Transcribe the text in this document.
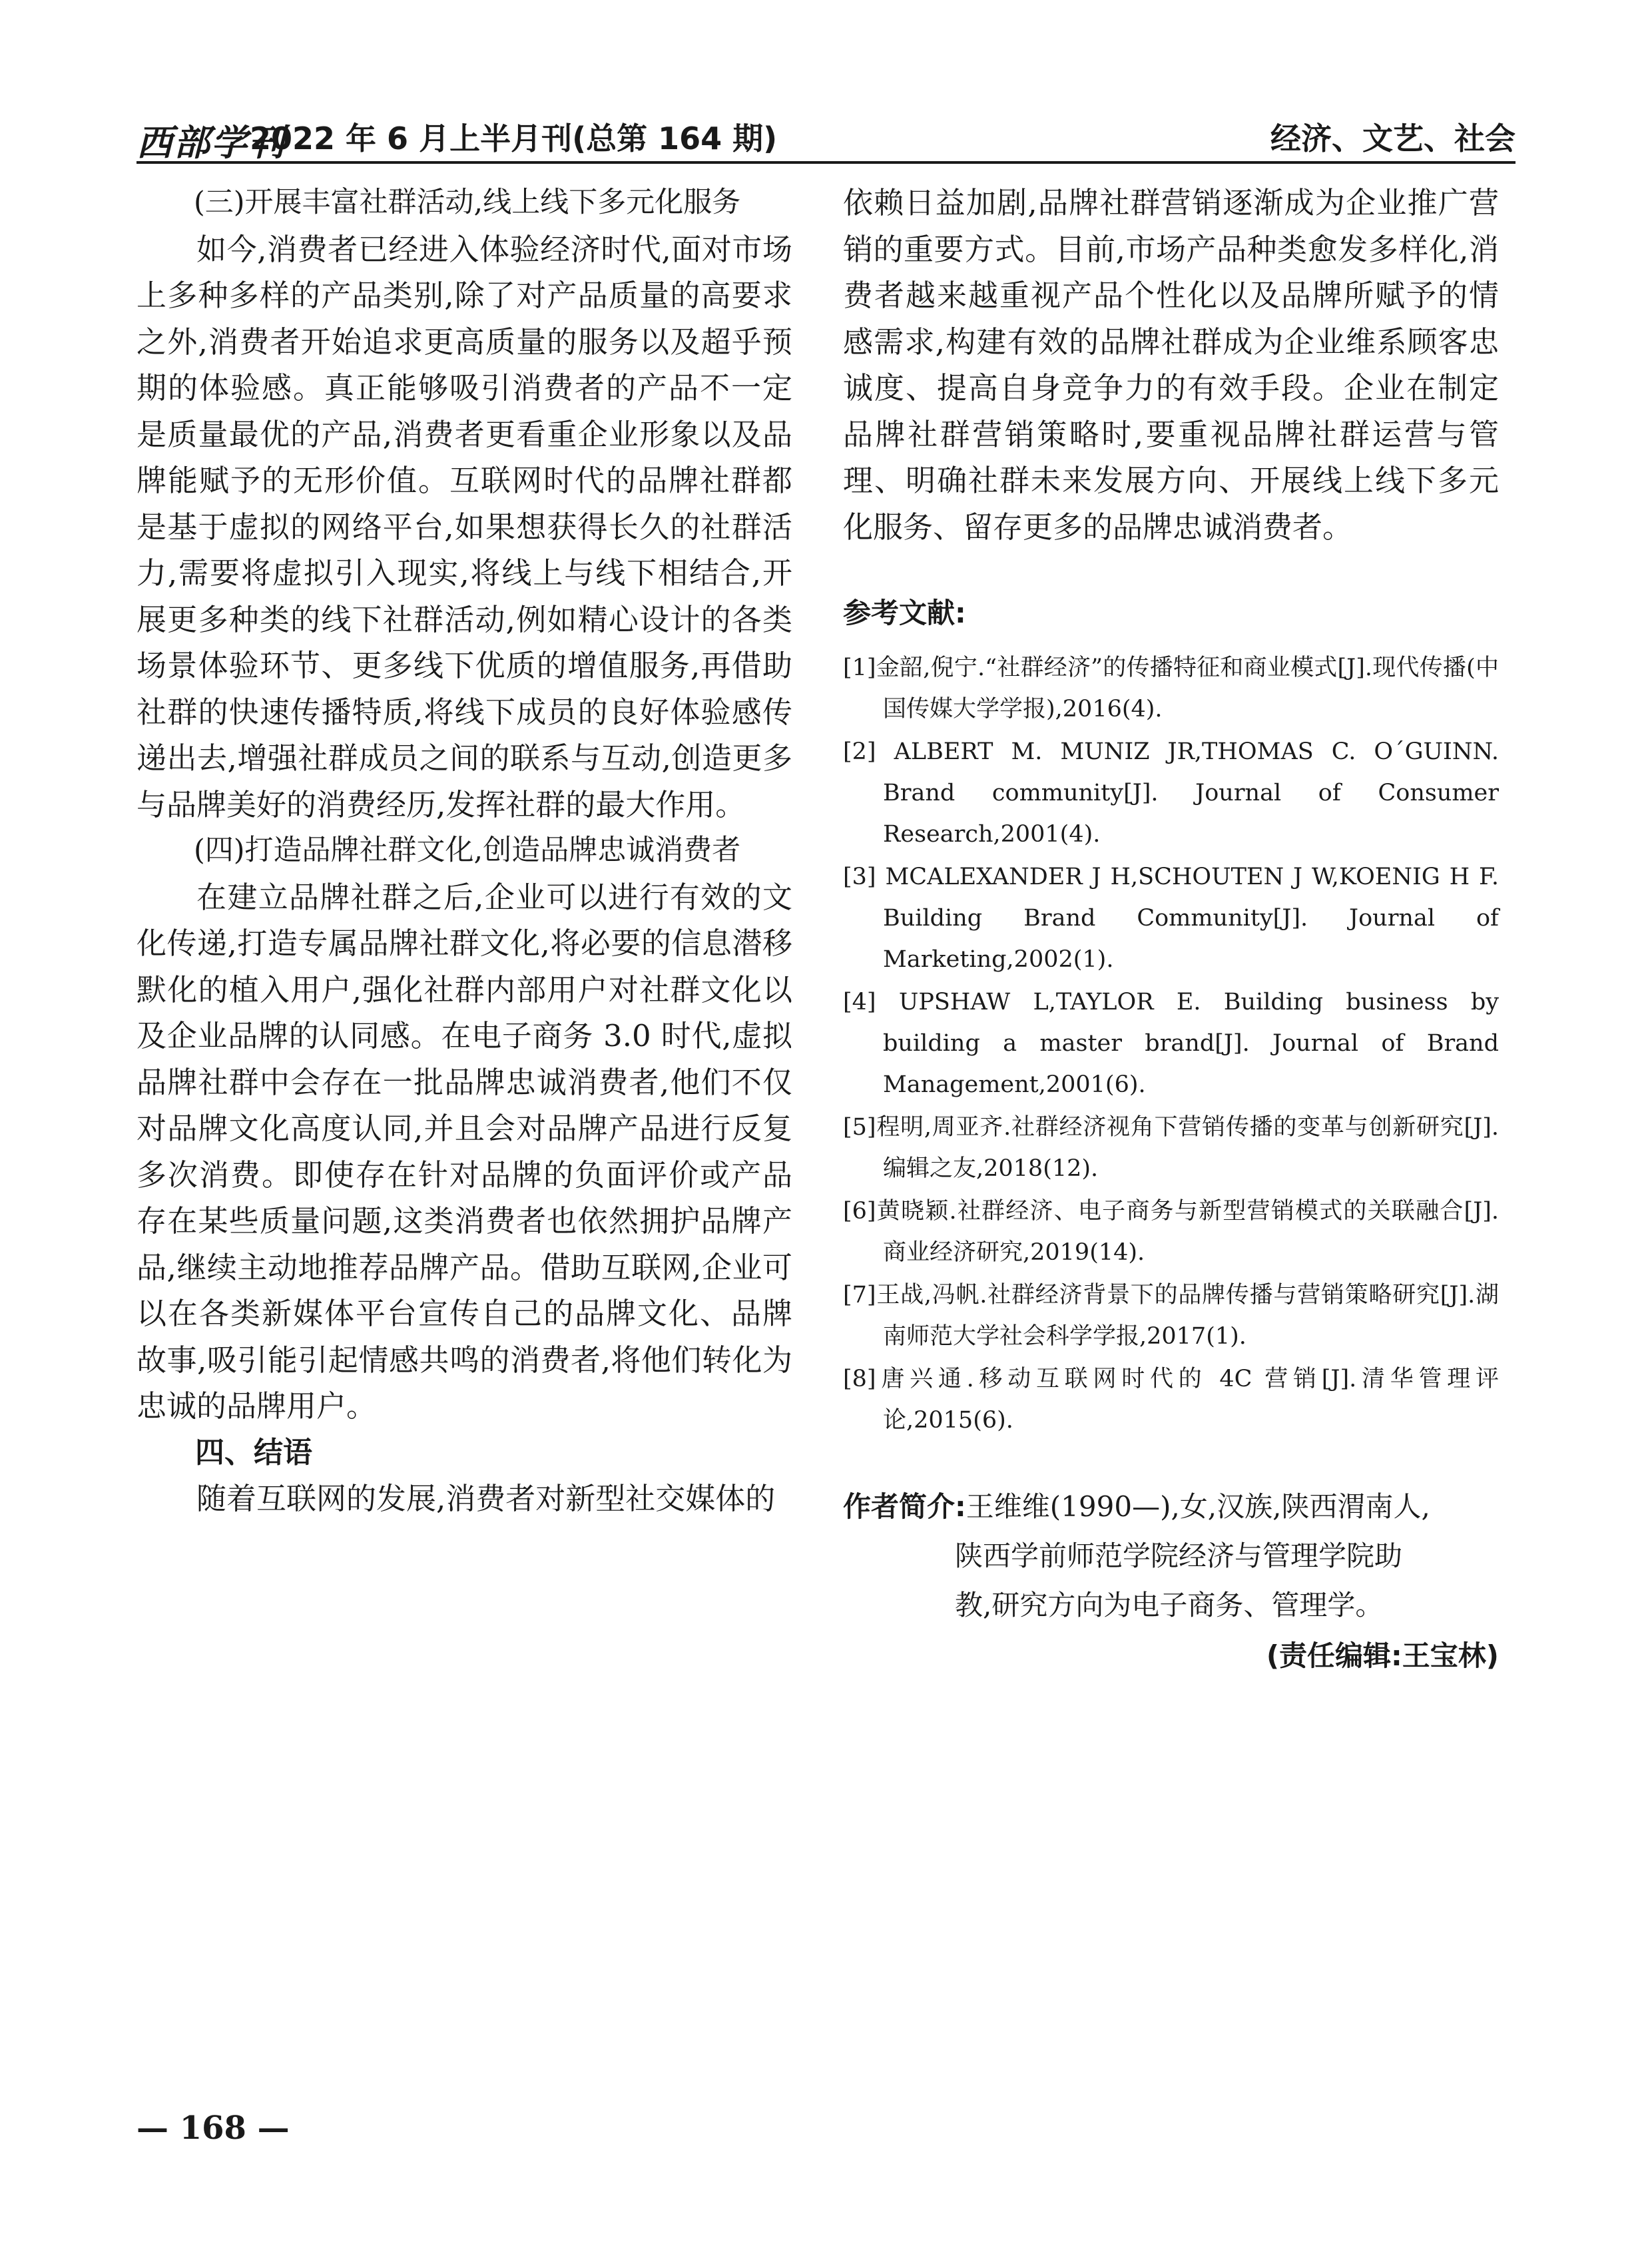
西部学刊
2022 年 6 月上半月刊(总第 164 期)	经济、文艺、社会

(三)开展丰富社群活动,线上线下多元化服务

如今,消费者已经进入体验经济时代,面对市场上多种多样的产品类别,除了对产品质量的高要求之外,消费者开始追求更高质量的服务以及超乎预期的体验感。真正能够吸引消费者的产品不一定是质量最优的产品,消费者更看重企业形象以及品牌能赋予的无形价值。互联网时代的品牌社群都是基于虚拟的网络平台,如果想获得长久的社群活力,需要将虚拟引入现实,将线上与线下相结合,开展更多种类的线下社群活动,例如精心设计的各类场景体验环节、更多线下优质的增值服务,再借助社群的快速传播特质,将线下成员的良好体验感传递出去,增强社群成员之间的联系与互动,创造更多与品牌美好的消费经历,发挥社群的最大作用。

(四)打造品牌社群文化,创造品牌忠诚消费者

在建立品牌社群之后,企业可以进行有效的文化传递,打造专属品牌社群文化,将必要的信息潜移默化的植入用户,强化社群内部用户对社群文化以及企业品牌的认同感。在电子商务 3.0 时代,虚拟品牌社群中会存在一批品牌忠诚消费者,他们不仅对品牌文化高度认同,并且会对品牌产品进行反复多次消费。即使存在针对品牌的负面评价或产品存在某些质量问题,这类消费者也依然拥护品牌产品,继续主动地推荐品牌产品。借助互联网,企业可以在各类新媒体平台宣传自己的品牌文化、品牌故事,吸引能引起情感共鸣的消费者,将他们转化为忠诚的品牌用户。

四、结语

随着互联网的发展,消费者对新型社交媒体的

依赖日益加剧,品牌社群营销逐渐成为企业推广营销的重要方式。目前,市场产品种类愈发多样化,消费者越来越重视产品个性化以及品牌所赋予的情感需求,构建有效的品牌社群成为企业维系顾客忠诚度、提高自身竞争力的有效手段。企业在制定品牌社群营销策略时,要重视品牌社群运营与管理、明确社群未来发展方向、开展线上线下多元化服务、留存更多的品牌忠诚消费者。

参考文献:
[1]金韶,倪宁.“社群经济”的传播特征和商业模式[J].现代传播(中国传媒大学学报),2016(4).
[2] ALBERT M. MUNIZ JR,THOMAS C. O´GUINN. Brand community[J]. Journal of Consumer Research,2001(4).
[3] MCALEXANDER J H,SCHOUTEN J W,KOENIG H F. Building Brand Community[J]. Journal of Marketing,2002(1).
[4] UPSHAW L,TAYLOR E. Building business by building a master brand[J]. Journal of Brand Management,2001(6).
[5]程明,周亚齐.社群经济视角下营销传播的变革与创新研究[J].编辑之友,2018(12).
[6]黄晓颖.社群经济、电子商务与新型营销模式的关联融合[J].商业经济研究,2019(14).
[7]王战,冯帆.社群经济背景下的品牌传播与营销策略研究[J].湖南师范大学社会科学学报,2017(1).
[8]唐兴通.移动互联网时代的 4C 营销[J].清华管理评论,2015(6).
作者简介:王维维(1990—),女,汉族,陕西渭南人,
陕西学前师范学院经济与管理学院助
教,研究方向为电子商务、管理学。
(责任编辑:王宝林)
— 168 —
